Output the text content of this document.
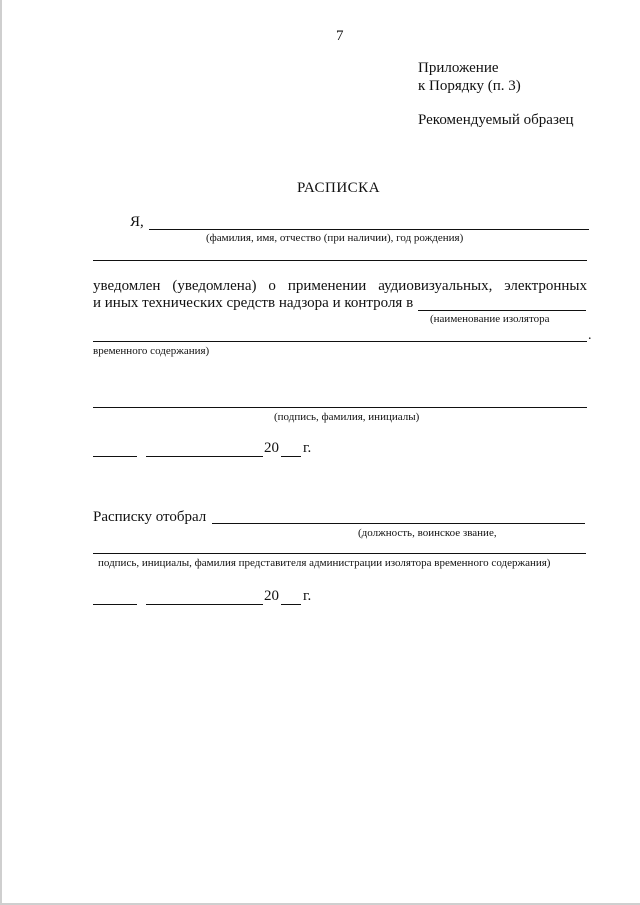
7
Приложение
к Порядку (п. 3)
Рекомендуемый образец
РАСПИСКА
Я,
(фамилия, имя, отчество (при наличии), год рождения)
уведомлен (уведомлена) о применении аудиовизуальных, электронных
и иных технических средств надзора и контроля в
(наименование изолятора
.
временного содержания)
(подпись, фамилия, инициалы)
20 г.
Расписку отобрал
(должность, воинское звание,
подпись, инициалы, фамилия представителя администрации изолятора временного содержания)
20 г.
